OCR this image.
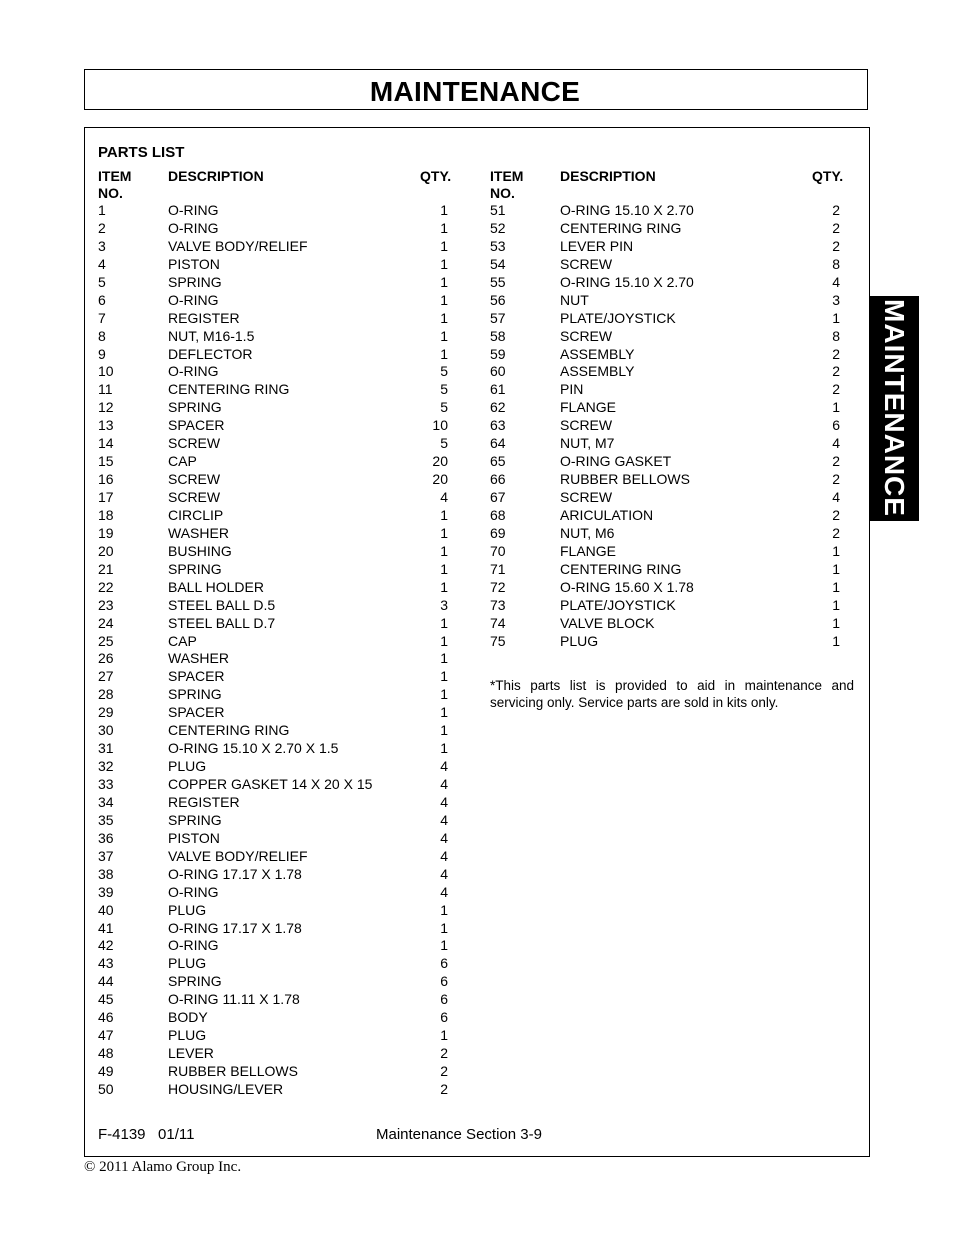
MAINTENANCE
MAINTENANCE
PARTS LIST
ITEM
NO.
DESCRIPTION	QTY.	ITEM
NO.
DESCRIPTION	QTY.
1	O-RING	1
2	O-RING	1
3	VALVE BODY/RELIEF	1
4	PISTON	1
5	SPRING	1
6	O-RING	1
7	REGISTER	1
8	NUT, M16-1.5	1
9	DEFLECTOR	1
10	O-RING	5
11	CENTERING RING	5
12	SPRING	5
13	SPACER	10
14	SCREW	5
15	CAP	20
16	SCREW	20
17	SCREW	4
18	CIRCLIP	1
19	WASHER	1
20	BUSHING	1
21	SPRING	1
22	BALL HOLDER	1
23	STEEL BALL D.5	3
24	STEEL BALL D.7	1
25	CAP	1
26	WASHER	1
27	SPACER	1
28	SPRING	1
29	SPACER	1
30	CENTERING RING	1
31	O-RING 15.10 X 2.70 X 1.5	1
32	PLUG	4
33	COPPER GASKET 14 X 20 X 15	4
34	REGISTER	4
35	SPRING	4
36	PISTON	4
37	VALVE BODY/RELIEF	4
38	O-RING 17.17 X 1.78	4
39	O-RING	4
40	PLUG	1
41	O-RING 17.17 X 1.78	1
42	O-RING	1
43	PLUG	6
44	SPRING	6
45	O-RING 11.11 X 1.78	6
46	BODY	6
47	PLUG	1
48	LEVER	2
49	RUBBER BELLOWS	2
50	HOUSING/LEVER	2
51	O-RING 15.10 X 2.70	2
52	CENTERING RING	2
53	LEVER PIN	2
54	SCREW	8
55	O-RING 15.10 X 2.70	4
56	NUT	3
57	PLATE/JOYSTICK	1
58	SCREW	8
59	ASSEMBLY	2
60	ASSEMBLY	2
61	PIN	2
62	FLANGE	1
63	SCREW	6
64	NUT, M7	4
65	O-RING GASKET	2
66	RUBBER BELLOWS	2
67	SCREW	4
68	ARICULATION	2
69	NUT, M6	2
70	FLANGE	1
71	CENTERING RING	1
72	O-RING 15.60 X 1.78	1
73	PLATE/JOYSTICK	1
74	VALVE BLOCK	1
75	PLUG	1
*This parts list is provided to aid in maintenance and servicing only. Service parts are sold in kits only.
F-4139   01/11	Maintenance Section 3-9
© 2011 Alamo Group Inc.
